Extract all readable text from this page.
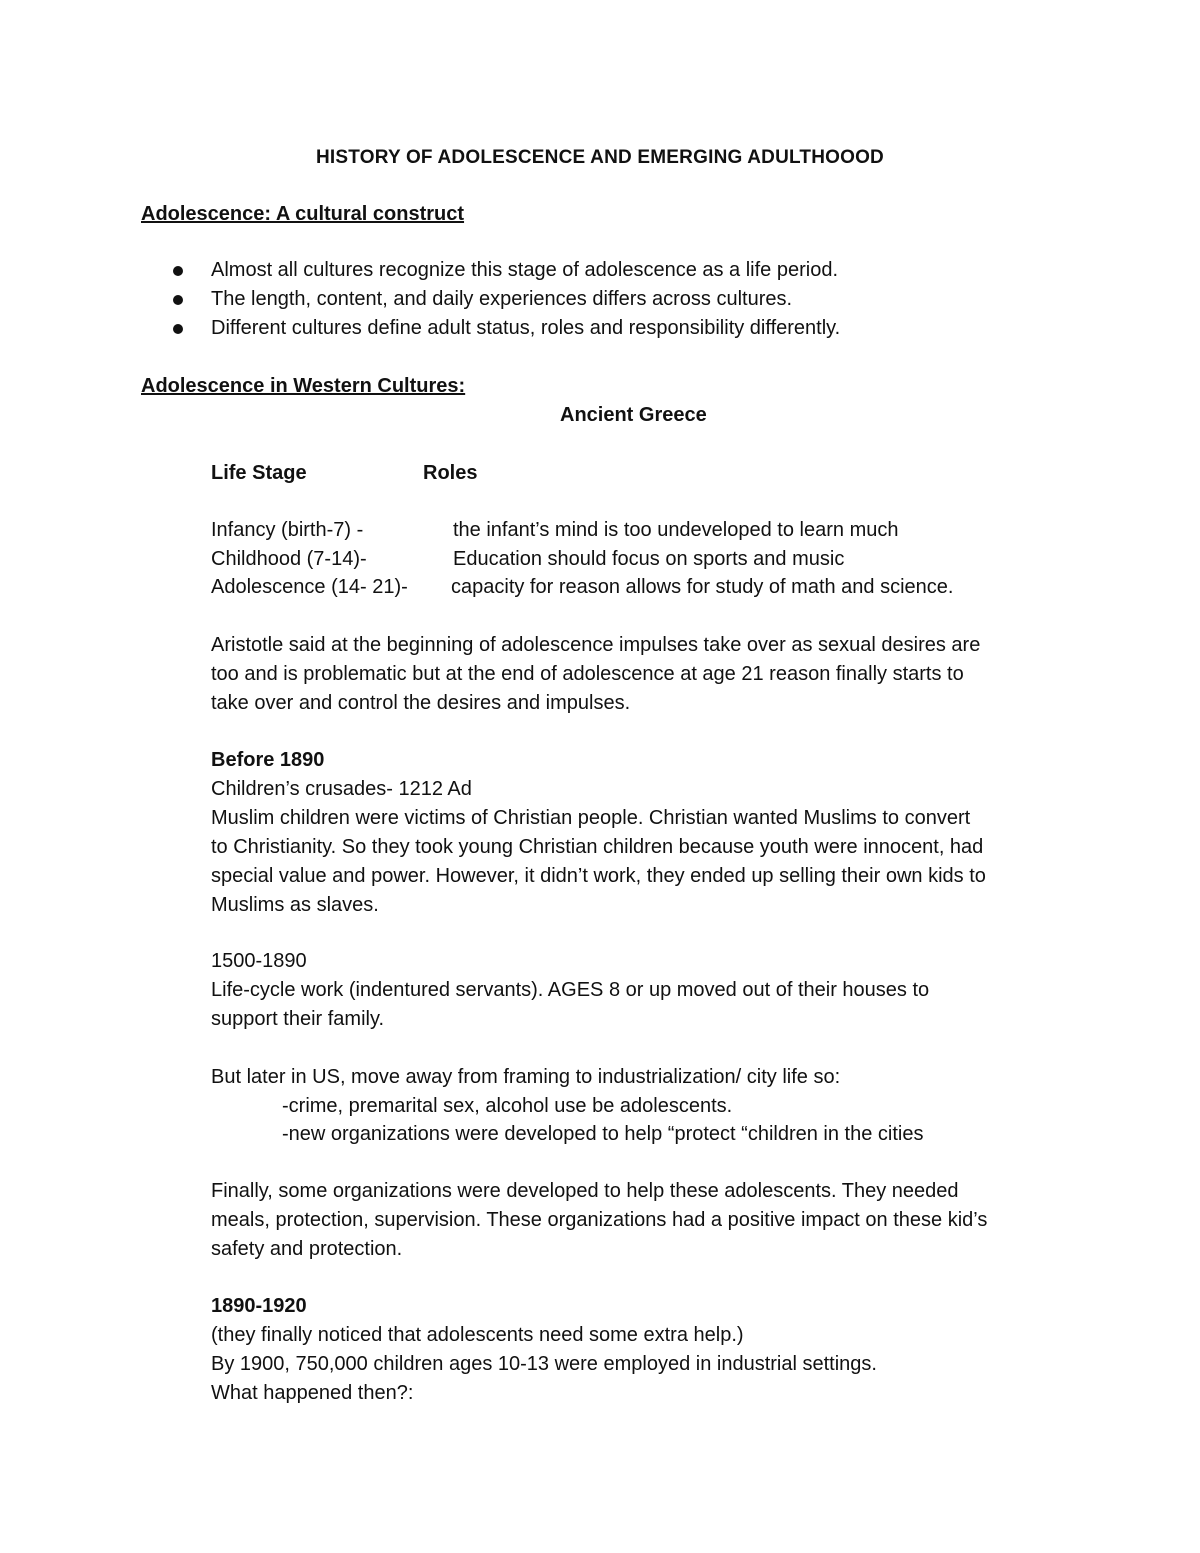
HISTORY OF ADOLESCENCE AND EMERGING ADULTHOOOD
Adolescence: A cultural construct
Almost all cultures recognize this stage of adolescence as a life period.
The length, content, and daily experiences differs across cultures.
Different cultures define adult status, roles and responsibility differently.
Adolescence in Western Cultures:
Ancient Greece
Life Stage	Roles
Infancy (birth-7) -	the infant’s mind is too undeveloped to learn much
Childhood (7-14)-	Education should focus on sports and music
Adolescence (14- 21)- capacity for reason allows for study of math and science.

Aristotle said at the beginning of adolescence impulses take over as sexual desires are

too and is problematic but at the end of adolescence at age 21 reason finally starts to

take over and control the desires and impulses.

Before 1890

Children’s crusades- 1212 Ad

Muslim children were victims of Christian people. Christian wanted Muslims to convert

to Christianity. So they took young Christian children because youth were innocent, had

special value and power. However, it didn’t work, they ended up selling their own kids to

Muslims as slaves.

1500-1890

Life-cycle work (indentured servants). AGES 8 or up moved out of their houses to

support their family.

But later in US, move away from framing to industrialization/ city life so:
-crime, premarital sex, alcohol use be adolescents.
-new organizations were developed to help “protect “children in the cities

Finally, some organizations were developed to help these adolescents. They needed

meals, protection, supervision. These organizations had a positive impact on these kid’s

safety and protection.

1890-1920

(they finally noticed that adolescents need some extra help.)

By 1900, 750,000 children ages 10-13 were employed in industrial settings.

What happened then?:
